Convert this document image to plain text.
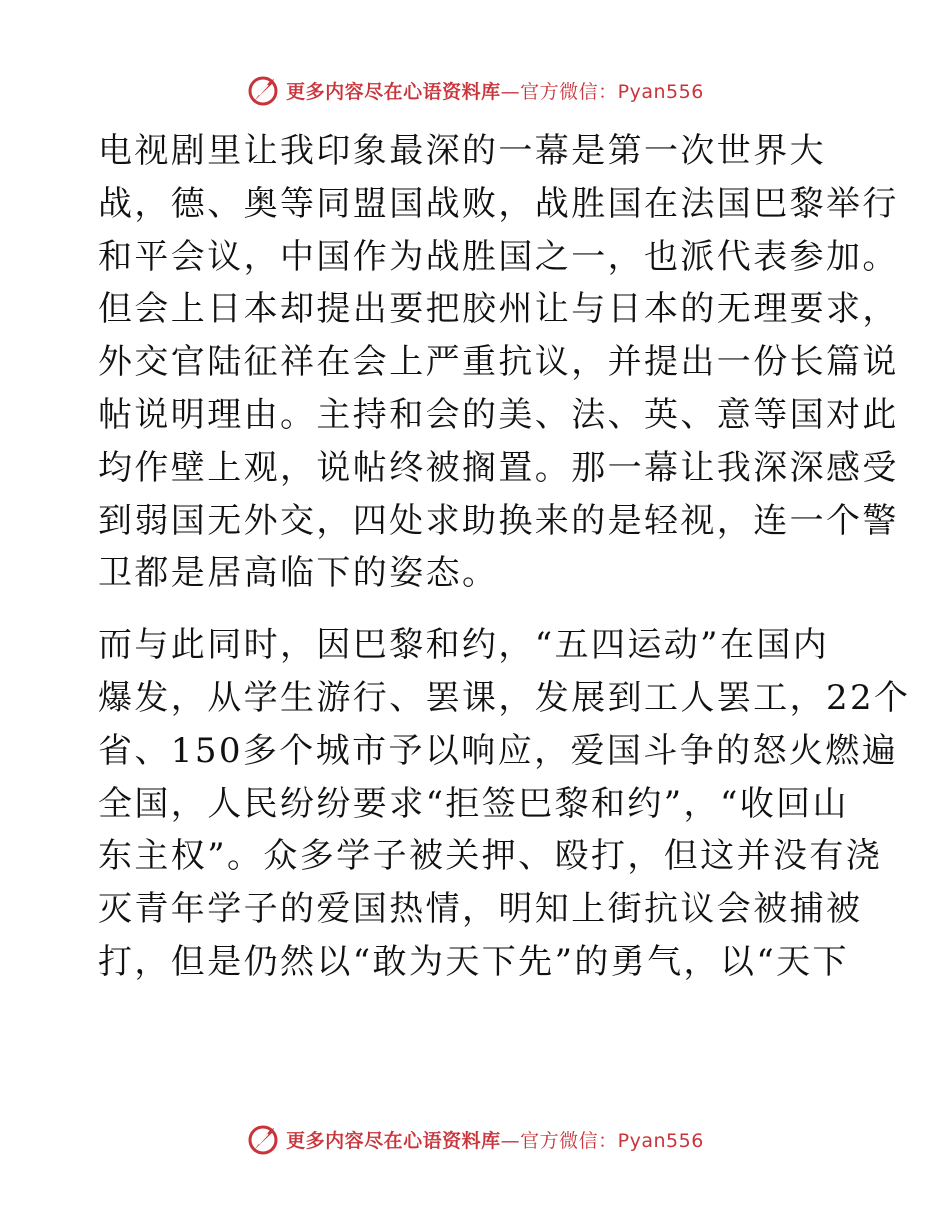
更多内容尽在心语资料库—官方微信：Pyan556

电视剧里让我印象最深的一幕是第一次世界大
战，德、奥等同盟国战败，战胜国在法国巴黎举行
和平会议，中国作为战胜国之一，也派代表参加。
但会上日本却提出要把胶州让与日本的无理要求，
外交官陆征祥在会上严重抗议，并提出一份长篇说
帖说明理由。主持和会的美、法、英、意等国对此
均作壁上观，说帖终被搁置。那一幕让我深深感受
到弱国无外交，四处求助换来的是轻视，连一个警
卫都是居高临下的姿态。

而与此同时，因巴黎和约，“五四运动”在国内
爆发，从学生游行、罢课，发展到工人罢工，22个
省、150多个城市予以响应，爱国斗争的怒火燃遍
全国，人民纷纷要求“拒签巴黎和约”，“收回山
东主权”。众多学子被关押、殴打，但这并没有浇
灭青年学子的爱国热情，明知上街抗议会被捕被
打，但是仍然以“敢为天下先”的勇气，以“天下

更多内容尽在心语资料库—官方微信：Pyan556
